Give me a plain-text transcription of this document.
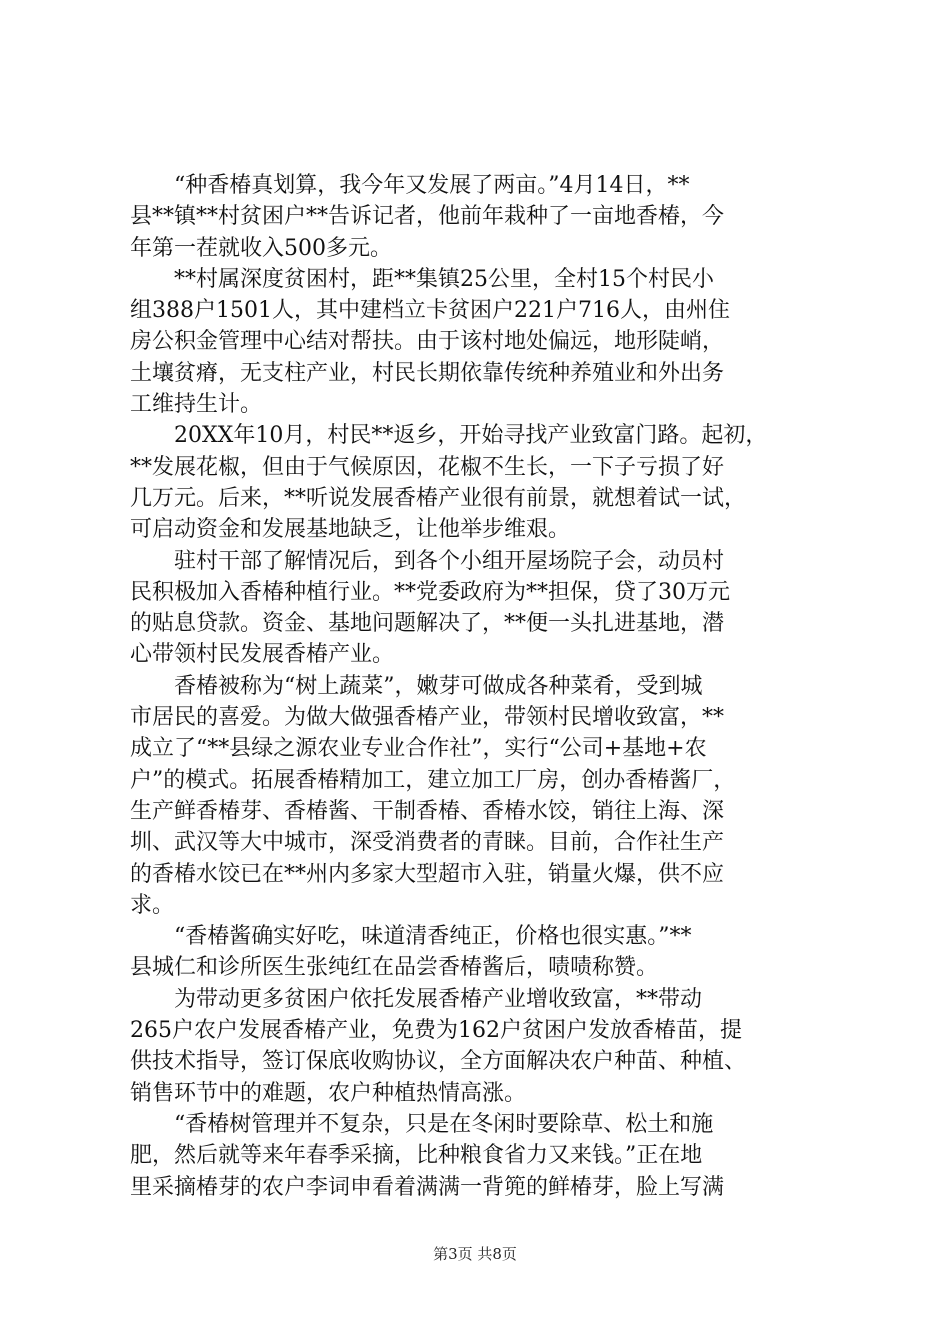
　　“种香椿真划算，我今年又发展了两亩。”4月14日，**
县**镇**村贫困户**告诉记者，他前年栽种了一亩地香椿，今
年第一茬就收入500多元。
　　**村属深度贫困村，距**集镇25公里，全村15个村民小
组388户1501人，其中建档立卡贫困户221户716人，由州住
房公积金管理中心结对帮扶。由于该村地处偏远，地形陡峭，
土壤贫瘠，无支柱产业，村民长期依靠传统种养殖业和外出务
工维持生计。
　　20XX年10月，村民**返乡，开始寻找产业致富门路。起初，
**发展花椒，但由于气候原因，花椒不生长，一下子亏损了好
几万元。后来，**听说发展香椿产业很有前景，就想着试一试，
可启动资金和发展基地缺乏，让他举步维艰。
　　驻村干部了解情况后，到各个小组开屋场院子会，动员村
民积极加入香椿种植行业。**党委政府为**担保，贷了30万元
的贴息贷款。资金、基地问题解决了，**便一头扎进基地，潜
心带领村民发展香椿产业。
　　香椿被称为“树上蔬菜”，嫩芽可做成各种菜肴，受到城
市居民的喜爱。为做大做强香椿产业，带领村民增收致富，**
成立了“**县绿之源农业专业合作社”，实行“公司+基地+农
户”的模式。拓展香椿精加工，建立加工厂房，创办香椿酱厂，
生产鲜香椿芽、香椿酱、干制香椿、香椿水饺，销往上海、深
圳、武汉等大中城市，深受消费者的青睐。目前，合作社生产
的香椿水饺已在**州内多家大型超市入驻，销量火爆，供不应
求。
　　“香椿酱确实好吃，味道清香纯正，价格也很实惠。”**
县城仁和诊所医生张纯红在品尝香椿酱后，啧啧称赞。
　　为带动更多贫困户依托发展香椿产业增收致富，**带动
265户农户发展香椿产业，免费为162户贫困户发放香椿苗，提
供技术指导，签订保底收购协议，全方面解决农户种苗、种植、
销售环节中的难题，农户种植热情高涨。
　　“香椿树管理并不复杂，只是在冬闲时要除草、松土和施
肥，然后就等来年春季采摘，比种粮食省力又来钱。”正在地
里采摘椿芽的农户李词申看着满满一背篼的鲜椿芽，脸上写满
第3页 共8页
